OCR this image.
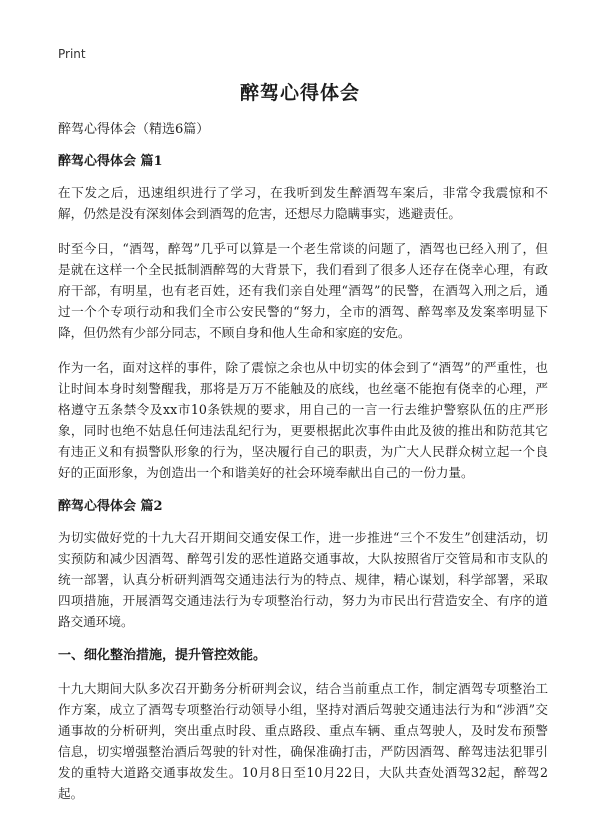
Print
醉驾心得体会
醉驾心得体会（精选6篇）
醉驾心得体会 篇1

在下发之后，迅速组织进行了学习，在我听到发生醉酒驾车案后，非常令我震惊和不解，仍然是没有深刻体会到酒驾的危害，还想尽力隐瞒事实，逃避责任。

时至今日，“酒驾，醉驾”几乎可以算是一个老生常谈的问题了，酒驾也已经入刑了，但是就在这样一个全民抵制酒醉驾的大背景下，我们看到了很多人还存在侥幸心理，有政府干部，有明星，也有老百姓，还有我们亲自处理“酒驾”的民警，在酒驾入刑之后，通过一个个专项行动和我们全市公安民警的“努力，全市的酒驾、醉驾率及发案率明显下降，但仍然有少部分同志，不顾自身和他人生命和家庭的安危。

作为一名，面对这样的事件，除了震惊之余也从中切实的体会到了“酒驾”的严重性，也让时间本身时刻警醒我，那将是万万不能触及的底线，也丝毫不能抱有侥幸的心理，严格遵守五条禁令及xx市10条铁规的要求，用自己的一言一行去维护警察队伍的庄严形象，同时也绝不姑息任何违法乱纪行为，更要根据此次事件由此及彼的推出和防范其它有违正义和有损警队形象的行为，坚决履行自己的职责，为广大人民群众树立起一个良好的正面形象，为创造出一个和谐美好的社会环境奉献出自己的一份力量。

醉驾心得体会 篇2

为切实做好党的十九大召开期间交通安保工作，进一步推进“三个不发生”创建活动，切实预防和减少因酒驾、醉驾引发的恶性道路交通事故，大队按照省厅交管局和市支队的统一部署，认真分析研判酒驾交通违法行为的特点、规律，精心谋划，科学部署，采取四项措施，开展酒驾交通违法行为专项整治行动，努力为市民出行营造安全、有序的道路交通环境。

一、细化整治措施，提升管控效能。

十九大期间大队多次召开勤务分析研判会议，结合当前重点工作，制定酒驾专项整治工作方案，成立了酒驾专项整治行动领导小组，坚持对酒后驾驶交通违法行为和“涉酒”交通事故的分析研判，突出重点时段、重点路段、重点车辆、重点驾驶人，及时发布预警信息，切实增强整治酒后驾驶的针对性，确保准确打击，严防因酒驾、醉驾违法犯罪引发的重特大道路交通事故发生。10月8日至10月22日，大队共查处酒驾32起，醉驾2起。
